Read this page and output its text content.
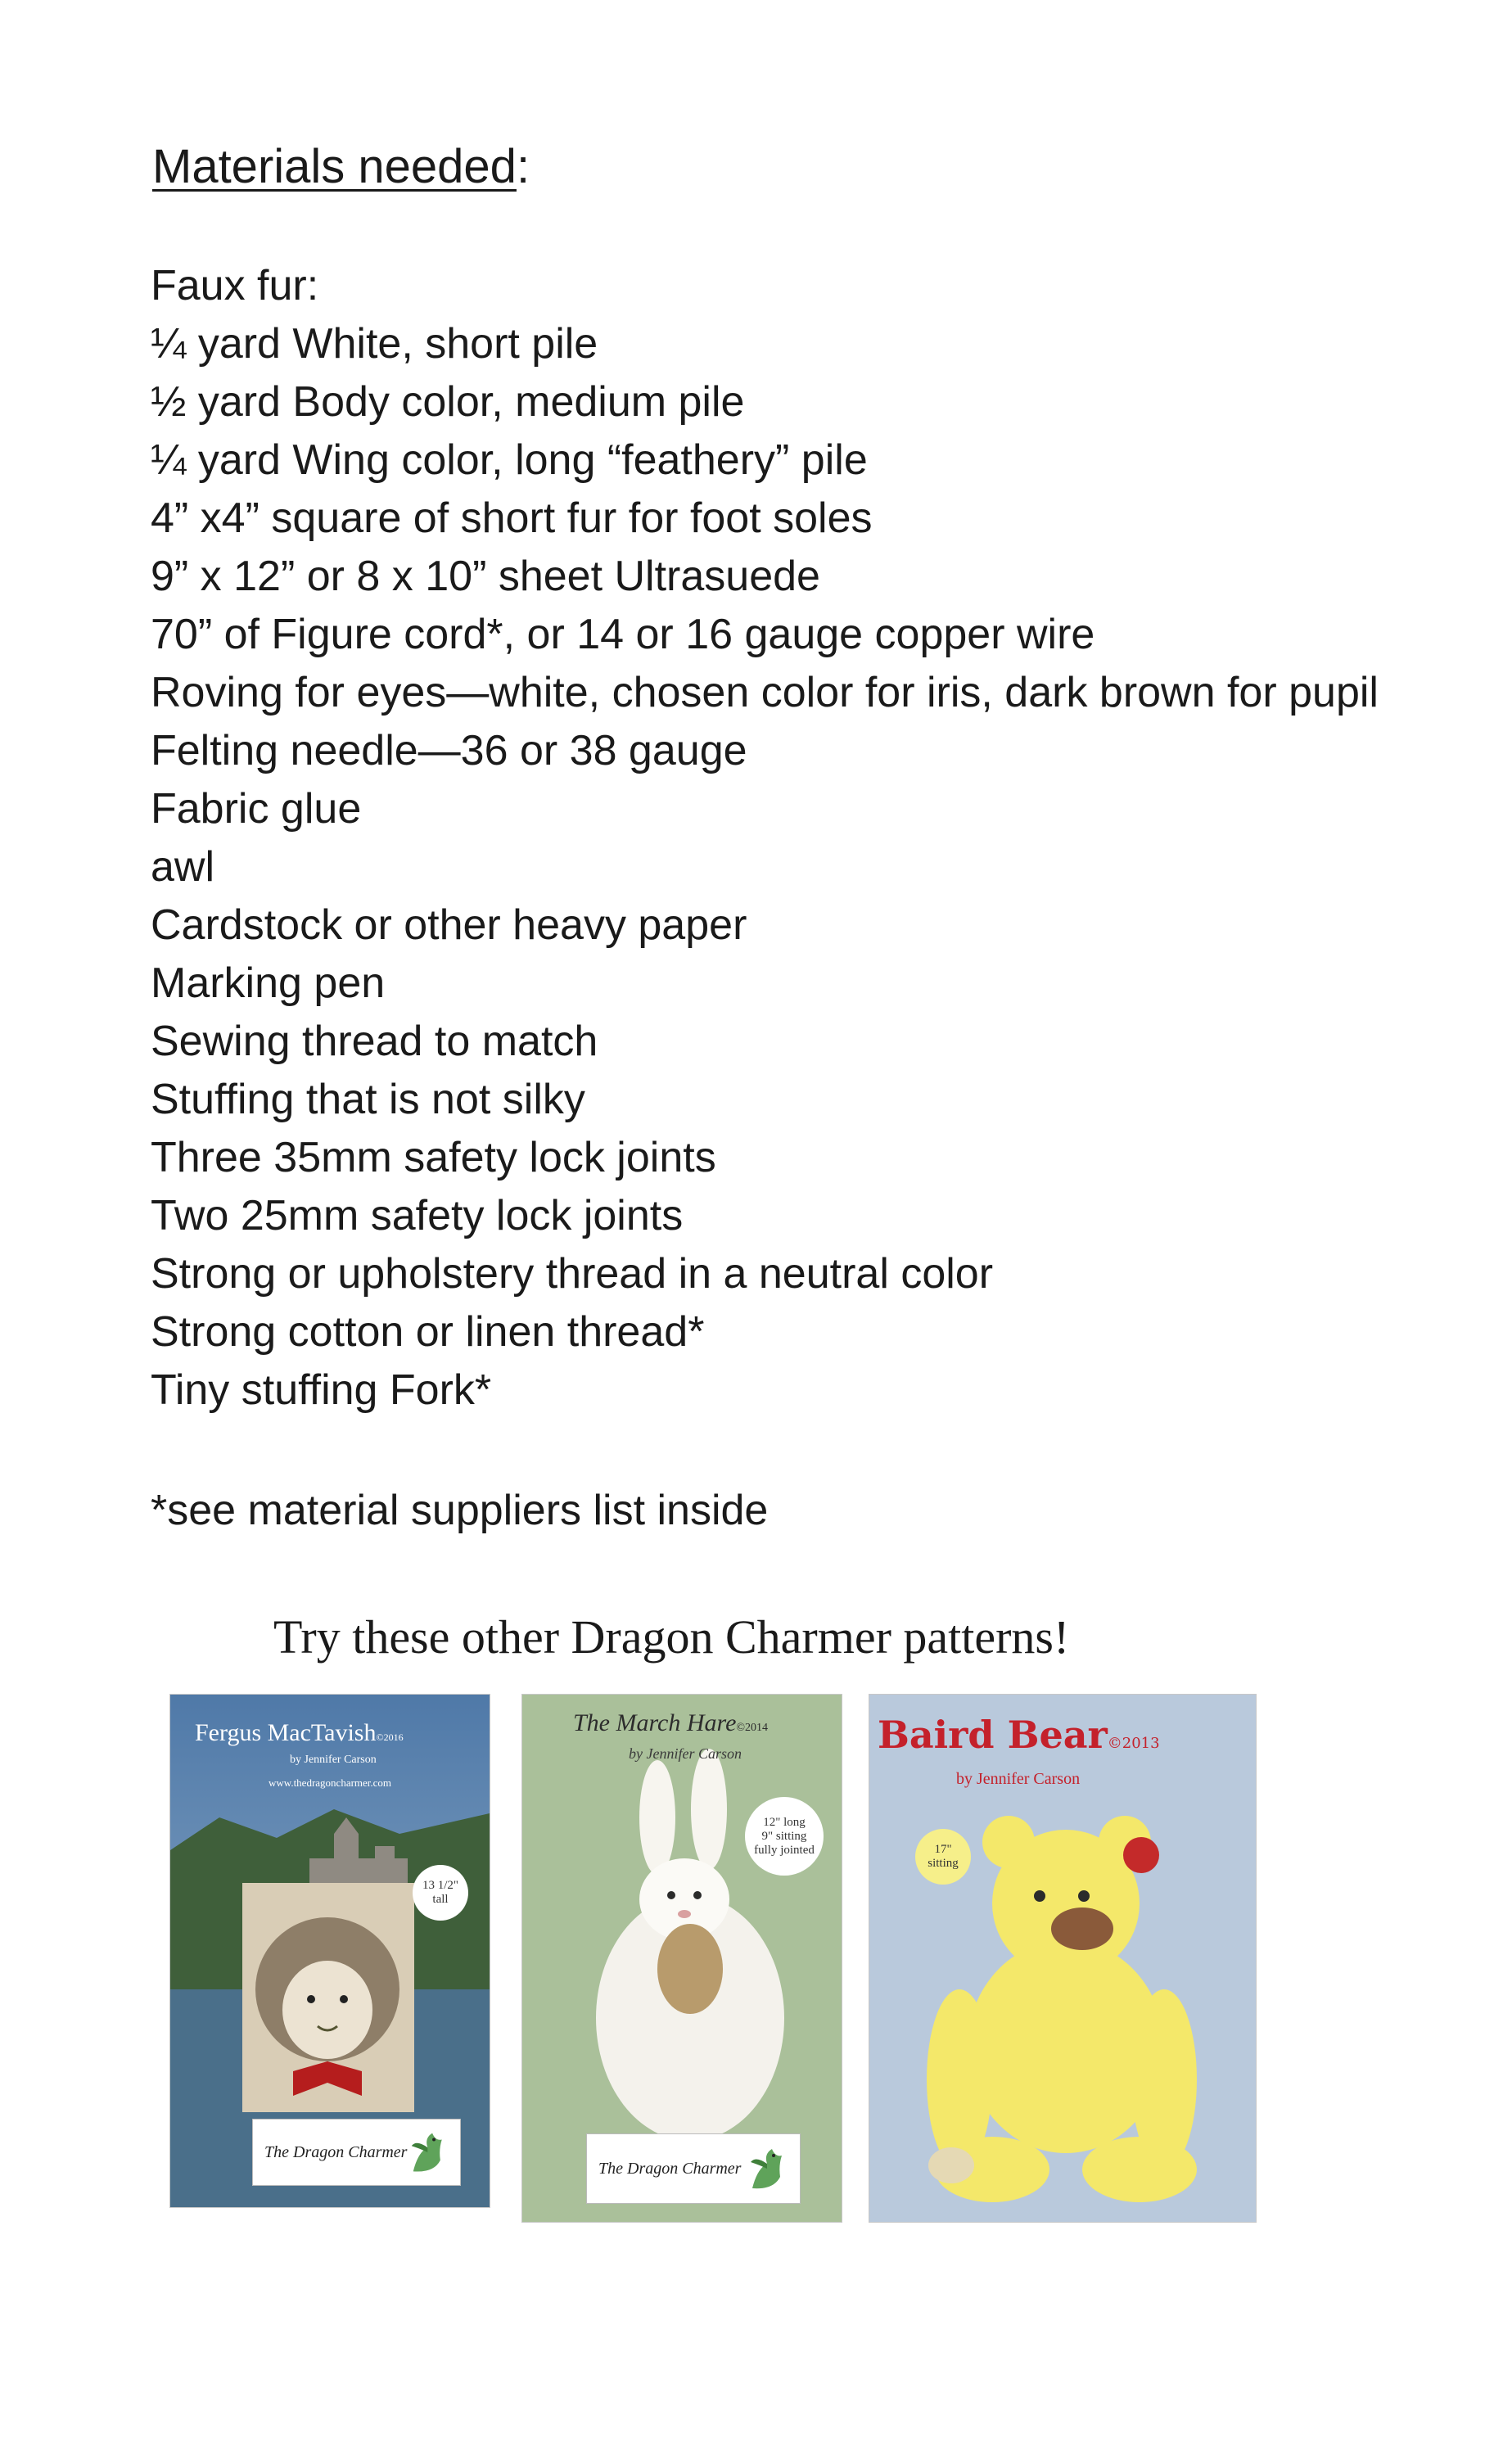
Materials needed:
Faux fur:
¼ yard White, short pile
½ yard Body color, medium pile
¼ yard Wing color, long “feathery” pile
4” x4” square of short fur for foot soles
9” x 12” or 8 x 10” sheet Ultrasuede
70” of Figure cord*, or 14 or 16 gauge copper wire
Roving for eyes—white, chosen color for iris, dark brown for pupil
Felting needle—36 or 38 gauge
Fabric glue
awl
Cardstock or other heavy paper
Marking pen
Sewing thread to match
Stuffing that is not silky
Three 35mm safety lock joints
Two 25mm safety lock joints
Strong or upholstery thread in a neutral color
Strong cotton or linen thread*
Tiny stuffing Fork*

*see material suppliers list inside

Try these other Dragon Charmer patterns!
Fergus MacTavish©2016
by Jennifer Carson
www.thedragoncharmer.com
13 1/2"
tall
The Dragon Charmer
The March Hare©2014
by Jennifer Carson
12" long
9" sitting
fully jointed
The Dragon Charmer
Baird Bear©2013
by Jennifer Carson
17"
sitting
